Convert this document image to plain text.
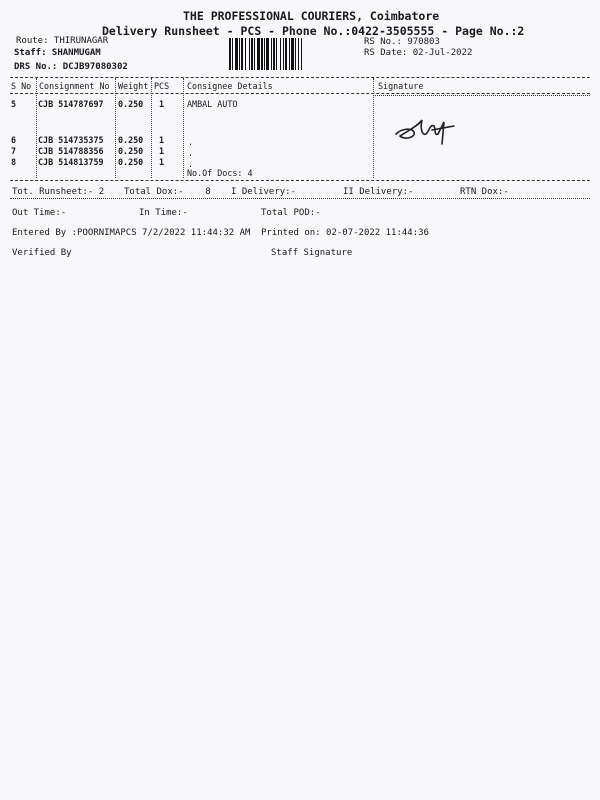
THE PROFESSIONAL COURIERS, Coimbatore
Delivery Runsheet - PCS - Phone No.:0422-3505555 - Page No.:2
Route: THIRUNAGAR
Staff: SHANMUGAM
DRS No.: DCJB97080302
RS No.: 970803
RS Date: 02-Jul-2022
S No Consignment No Weight PCS Consignee Details	Signature
5	CJB 514787697 0.250 1	AMBAL AUTO
6	CJB 514735375 0.250 1	.
7	CJB 514788356 0.250 1	.
8	CJB 514813759 0.250 1	.
No.Of Docs: 4
Tot. Runsheet:- 2 Total Dox:-    8 I Delivery:-	II Delivery:-	RTN Dox:-
Out Time:-	In Time:-	Total POD:-
Entered By :POORNIMAPCS 7/2/2022 11:44:32 AM Printed on: 02-07-2022 11:44:36
Verified By	Staff Signature
